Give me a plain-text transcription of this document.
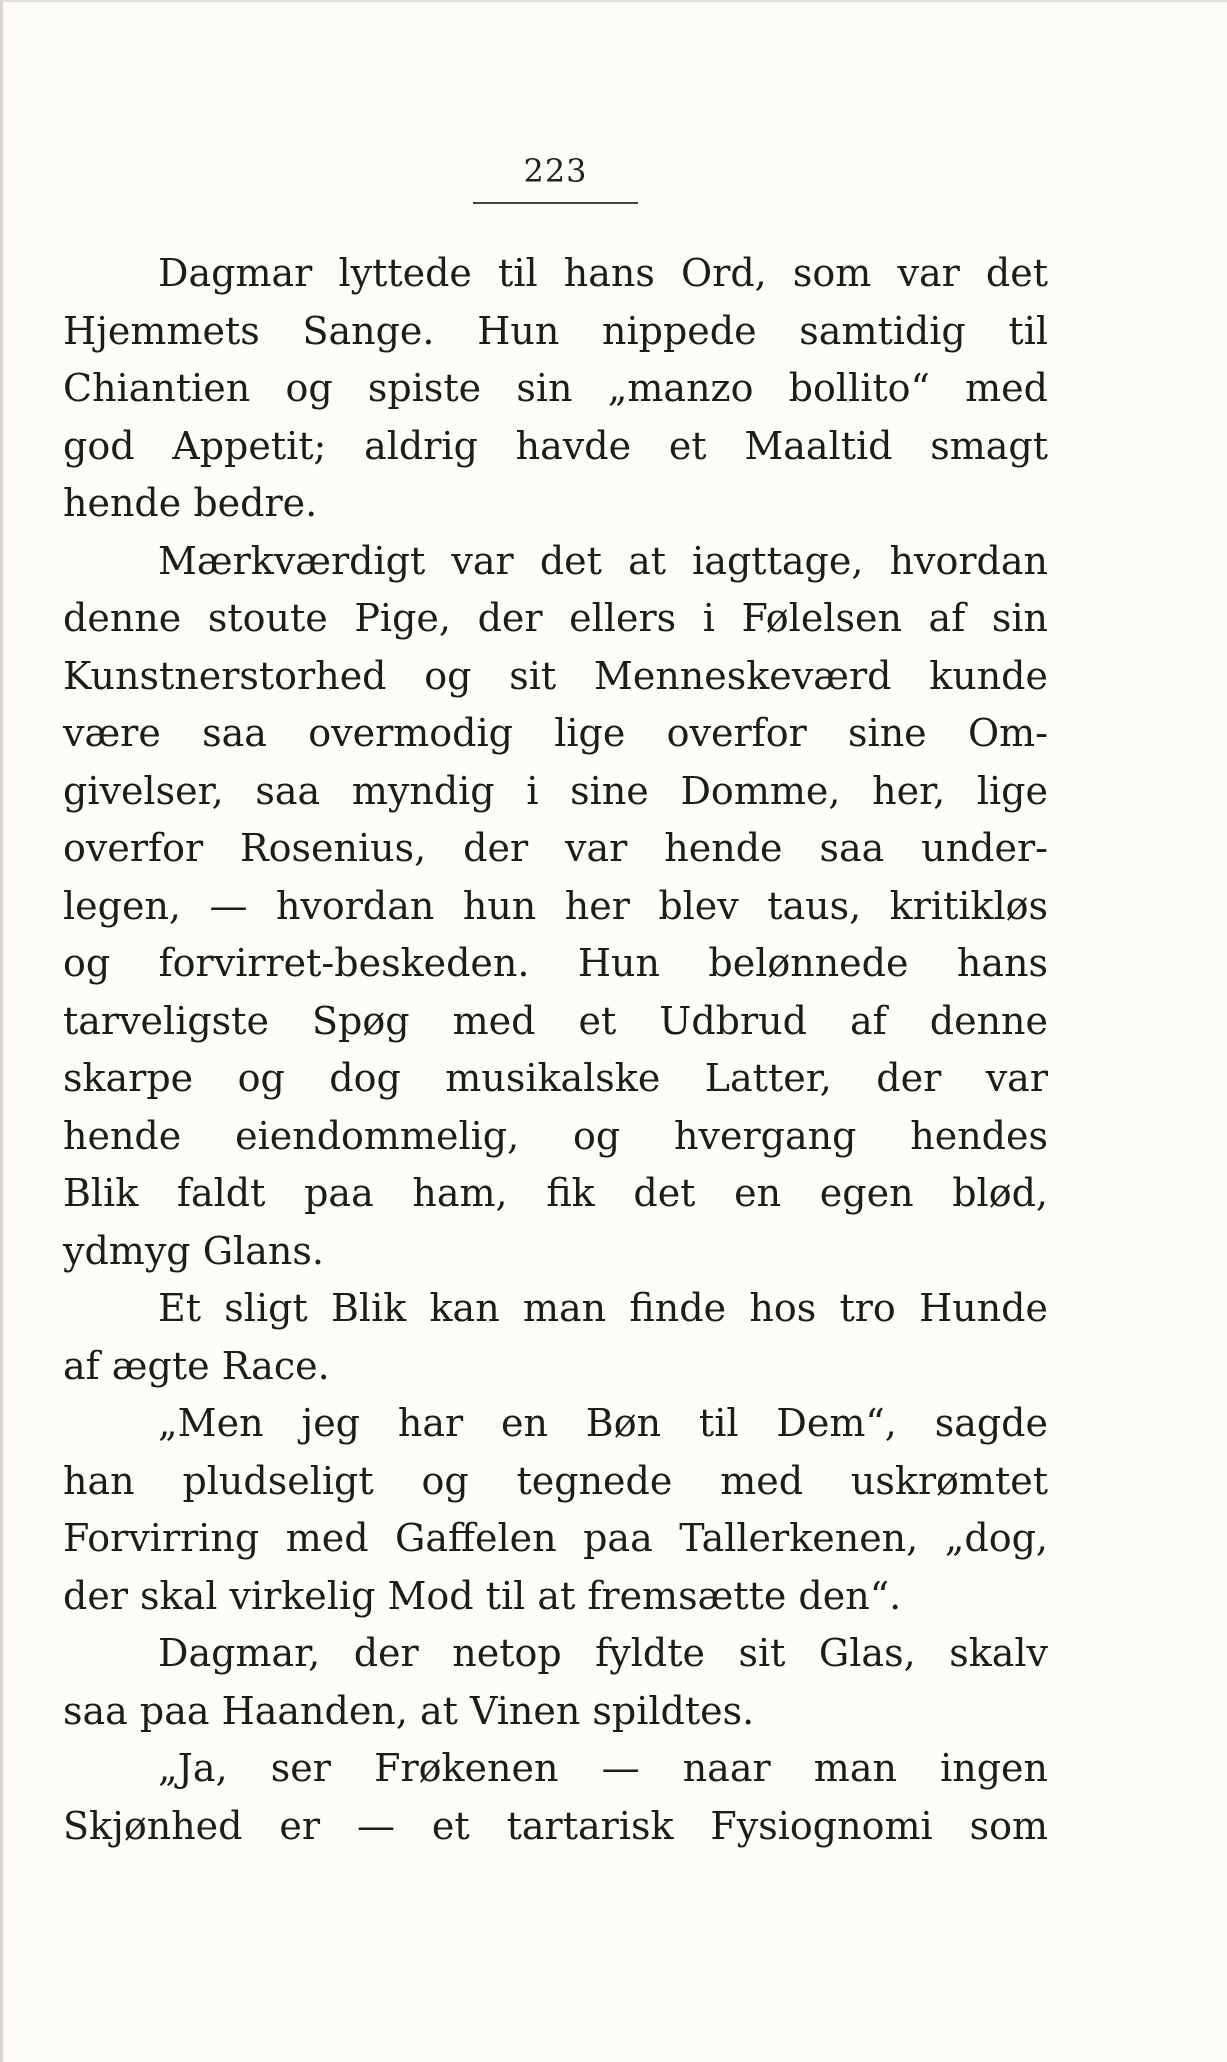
223
Dagmar lyttede til hans Ord, som var det
Hjemmets Sange. Hun nippede samtidig til
Chiantien og spiste sin „manzo bollito“ med
god Appetit; aldrig havde et Maaltid smagt
hende bedre.
Mærkværdigt var det at iagttage, hvordan
denne stoute Pige, der ellers i Følelsen af sin
Kunstnerstorhed og sit Menneskeværd kunde
være saa overmodig lige overfor sine Om-
givelser, saa myndig i sine Domme, her, lige
overfor Rosenius, der var hende saa under-
legen, — hvordan hun her blev taus, kritikløs
og forvirret-beskeden. Hun belønnede hans
tarveligste Spøg med et Udbrud af denne
skarpe og dog musikalske Latter, der var
hende eiendommelig, og hvergang hendes
Blik faldt paa ham, fik det en egen blød,
ydmyg Glans.
Et sligt Blik kan man finde hos tro Hunde
af ægte Race.
„Men jeg har en Bøn til Dem“, sagde
han pludseligt og tegnede med uskrømtet
Forvirring med Gaffelen paa Tallerkenen, „dog,
der skal virkelig Mod til at fremsætte den“.
Dagmar, der netop fyldte sit Glas, skalv
saa paa Haanden, at Vinen spildtes.
„Ja, ser Frøkenen — naar man ingen
Skjønhed er — et tartarisk Fysiognomi som
